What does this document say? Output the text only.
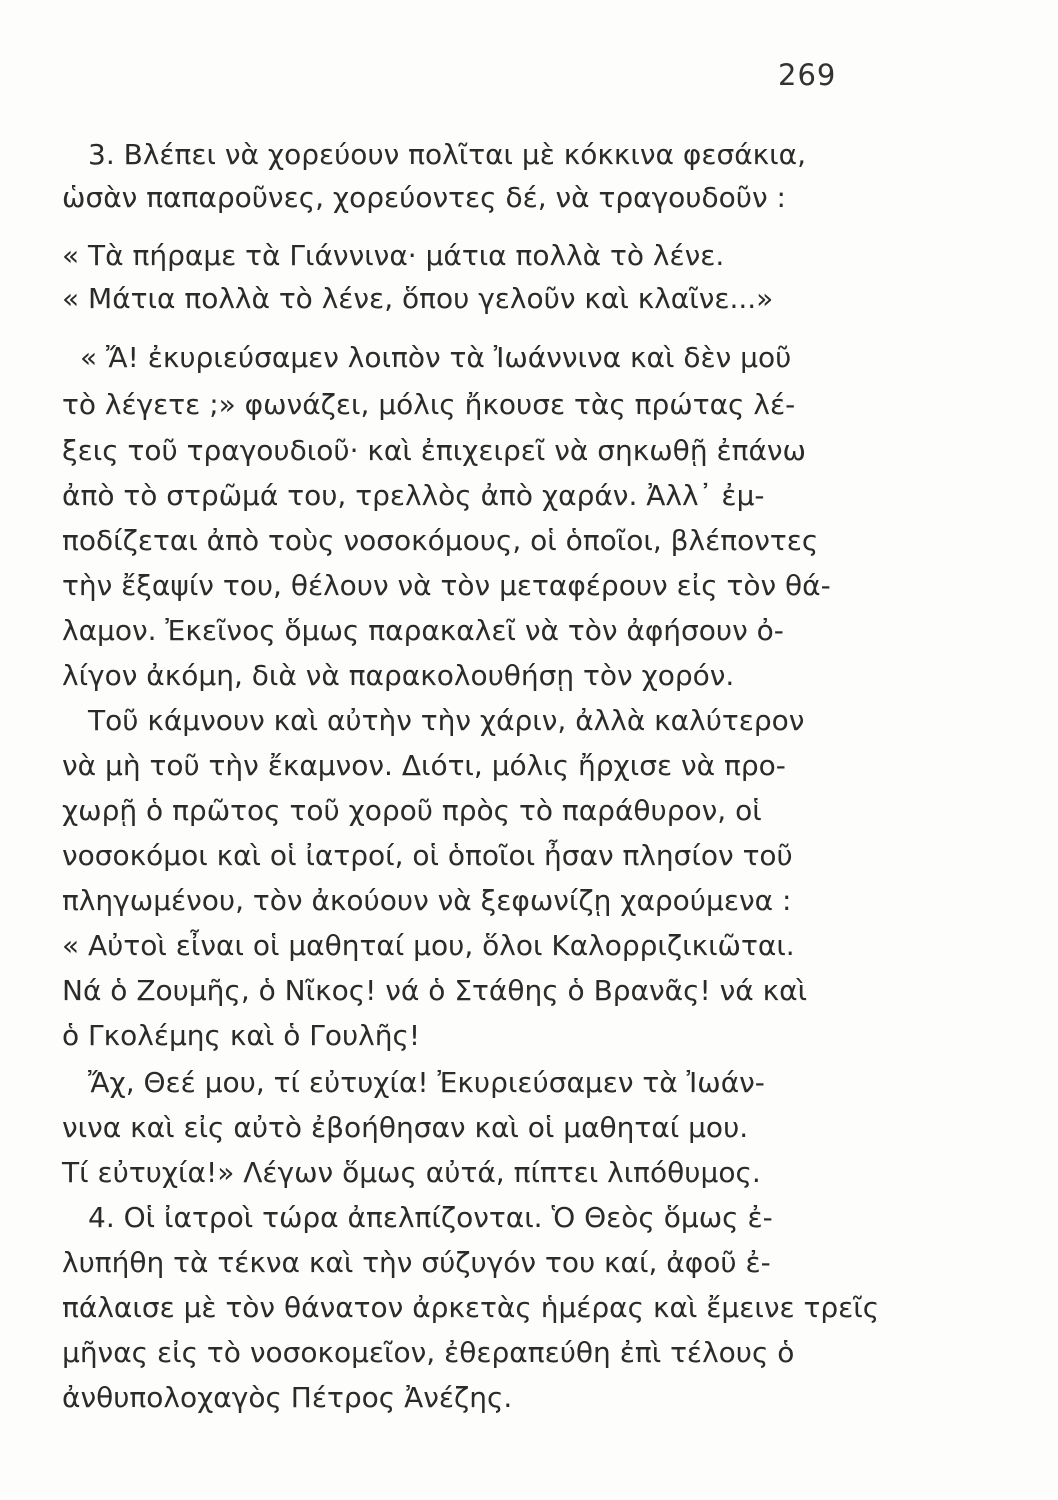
269
3. Βλέπει νὰ χορεύουν πολῖται μὲ κόκκινα φεσάκια,
ὡσὰν παπαροῦνες, χορεύοντες δέ, νὰ τραγουδοῦν :
« Τὰ πήραμε τὰ Γιάννινα· μάτια πολλὰ τὸ λένε.
« Μάτια πολλὰ τὸ λένε, ὅπου γελοῦν καὶ κλαῖνε...»
« Ἄ! ἐκυριεύσαμεν λοιπὸν τὰ Ἰωάννινα καὶ δὲν μοῦ
τὸ λέγετε ;» φωνάζει, μόλις ἤκουσε τὰς πρώτας λέ-
ξεις τοῦ τραγουδιοῦ· καὶ ἐπιχειρεῖ νὰ σηκωθῇ ἐπάνω
ἀπὸ τὸ στρῶμά του, τρελλὸς ἀπὸ χαράν. Ἀλλ᾽ ἐμ-
ποδίζεται ἀπὸ τοὺς νοσοκόμους, οἱ ὁποῖοι, βλέποντες
τὴν ἔξαψίν του, θέλουν νὰ τὸν μεταφέρουν εἰς τὸν θά-
λαμον. Ἐκεῖνος ὅμως παρακαλεῖ νὰ τὸν ἀφήσουν ὀ-
λίγον ἀκόμη, διὰ νὰ παρακολουθήσῃ τὸν χορόν.
Τοῦ κάμνουν καὶ αὐτὴν τὴν χάριν, ἀλλὰ καλύτερον
νὰ μὴ τοῦ τὴν ἔκαμνον. Διότι, μόλις ἤρχισε νὰ προ-
χωρῇ ὁ πρῶτος τοῦ χοροῦ πρὸς τὸ παράθυρον, οἱ
νοσοκόμοι καὶ οἱ ἰατροί, οἱ ὁποῖοι ἦσαν πλησίον τοῦ
πληγωμένου, τὸν ἀκούουν νὰ ξεφωνίζῃ χαρούμενα :
« Αὐτοὶ εἶναι οἱ μαθηταί μου, ὅλοι Καλορριζικιῶται.
Νά ὁ Ζουμῆς, ὁ Νῖκος! νά ὁ Στάθης ὁ Βρανᾶς! νά καὶ
ὁ Γκολέμης καὶ ὁ Γουλῆς!
Ἄχ, Θεέ μου, τί εὐτυχία! Ἐκυριεύσαμεν τὰ Ἰωάν-
νινα καὶ εἰς αὐτὸ ἐβοήθησαν καὶ οἱ μαθηταί μου.
Τί εὐτυχία!» Λέγων ὅμως αὐτά, πίπτει λιπόθυμος.
4. Οἱ ἰατροὶ τώρα ἀπελπίζονται. Ὁ Θεὸς ὅμως ἐ-
λυπήθη τὰ τέκνα καὶ τὴν σύζυγόν του καί, ἀφοῦ ἐ-
πάλαισε μὲ τὸν θάνατον ἀρκετὰς ἡμέρας καὶ ἔμεινε τρεῖς
μῆνας εἰς τὸ νοσοκομεῖον, ἐθεραπεύθη ἐπὶ τέλους ὁ
ἀνθυπολοχαγὸς Πέτρος Ἀνέζης.
